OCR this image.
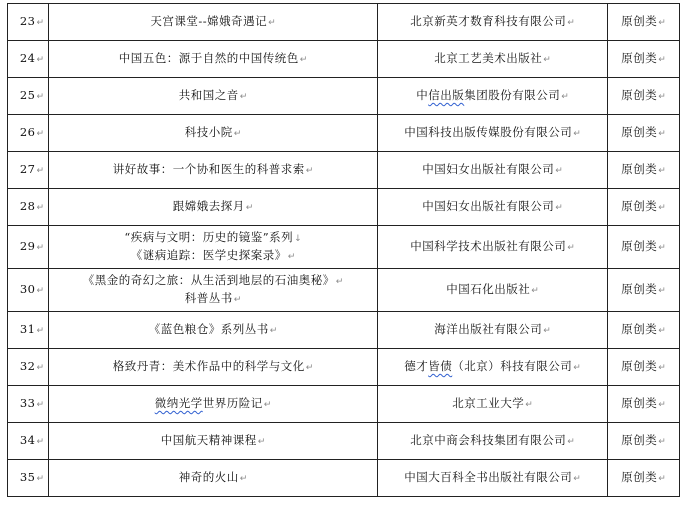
23↵	天宫课堂--嫦娥奇遇记↵	北京新英才数育科技有限公司↵	原创类↵
24↵	中国五色：源于自然的中国传统色↵	北京工艺美术出版社↵	原创类↵
25↵	共和国之音↵	中信出版集团股份有限公司↵	原创类↵
26↵	科技小院↵	中国科技出版传媒股份有限公司↵	原创类↵
27↵	讲好故事：一个协和医生的科普求索↵	中国妇女出版社有限公司↵	原创类↵
28↵	跟嫦娥去探月↵	中国妇女出版社有限公司↵	原创类↵
29↵	“疾病与文明：历史的镜鉴”系列↓
《谜病追踪：医学史探案录》↵	中国科学技术出版社有限公司↵	原创类↵
30↵	《黑金的奇幻之旅：从生活到地层的石油奥秘》↵
科普丛书↵	中国石化出版社↵	原创类↵
31↵	《蓝色粮仓》系列丛书↵	海洋出版社有限公司↵	原创类↵
32↵	格致丹青：美术作品中的科学与文化↵	德才皆债（北京）科技有限公司↵	原创类↵
33↵	微纳光学世界历险记↵	北京工业大学↵	原创类↵
34↵	中国航天精神课程↵	北京中商会科技集团有限公司↵	原创类↵
35↵	神奇的火山↵	中国大百科全书出版社有限公司↵	原创类↵
